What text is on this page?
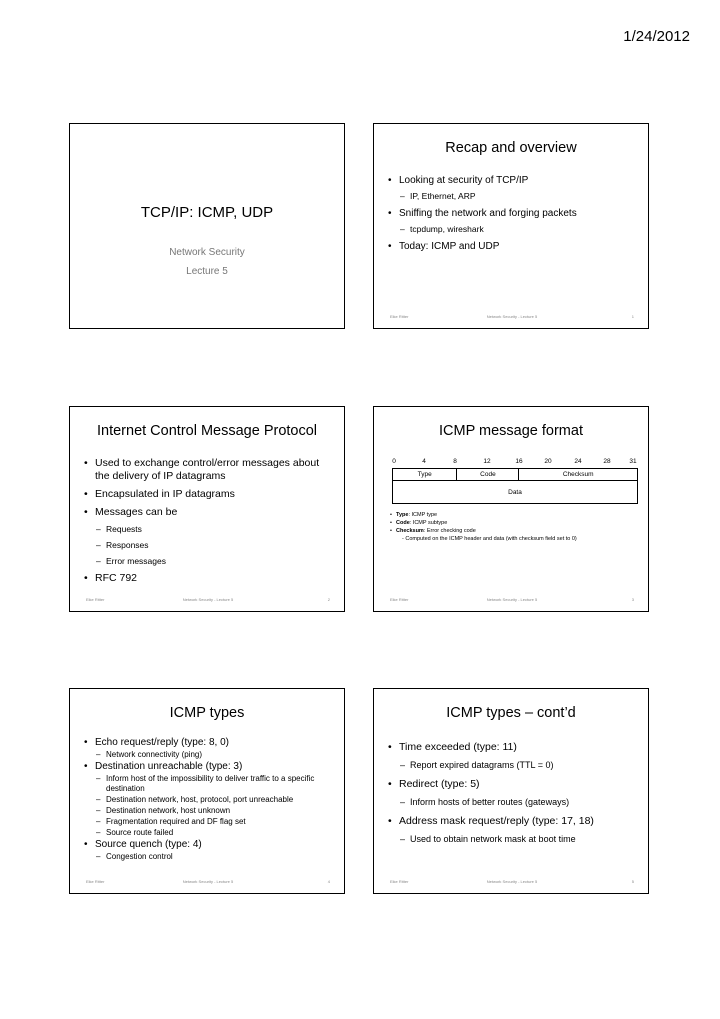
1/24/2012
TCP/IP: ICMP, UDP
Network Security
Lecture 5
Recap and overview
• Looking at security of TCP/IP
– IP, Ethernet, ARP
• Sniffing the network and forging packets
– tcpdump, wireshark
• Today: ICMP and UDP
Eike Ritter	Network Security - Lecture 5	1
Internet Control Message Protocol
• Used to exchange control/error messages about the delivery of IP datagrams
• Encapsulated in IP datagrams
• Messages can be
– Requests
– Responses
– Error messages
• RFC 792
Eike Ritter	Network Security - Lecture 5	2
ICMP message format
0	4	8	12	16	20	24	28	31
Type	Code	Checksum
Data
• Type: ICMP type
• Code: ICMP subtype
• Checksum: Error checking code
- Computed on the ICMP header and data (with checksum field set to 0)
Eike Ritter	Network Security - Lecture 5	3
ICMP types
• Echo request/reply (type: 8, 0)
– Network connectivity (ping)
• Destination unreachable (type: 3)
– Inform host of the impossibility to deliver traffic to a specific destination
– Destination network, host, protocol, port unreachable
– Destination network, host unknown
– Fragmentation required and DF flag set
– Source route failed
• Source quench (type: 4)
– Congestion control
Eike Ritter	Network Security - Lecture 5	4
ICMP types – cont’d
• Time exceeded (type: 11)
– Report expired datagrams (TTL = 0)
• Redirect (type: 5)
– Inform hosts of better routes (gateways)
• Address mask request/reply (type: 17, 18)
– Used to obtain network mask at boot time
Eike Ritter	Network Security - Lecture 5	5
